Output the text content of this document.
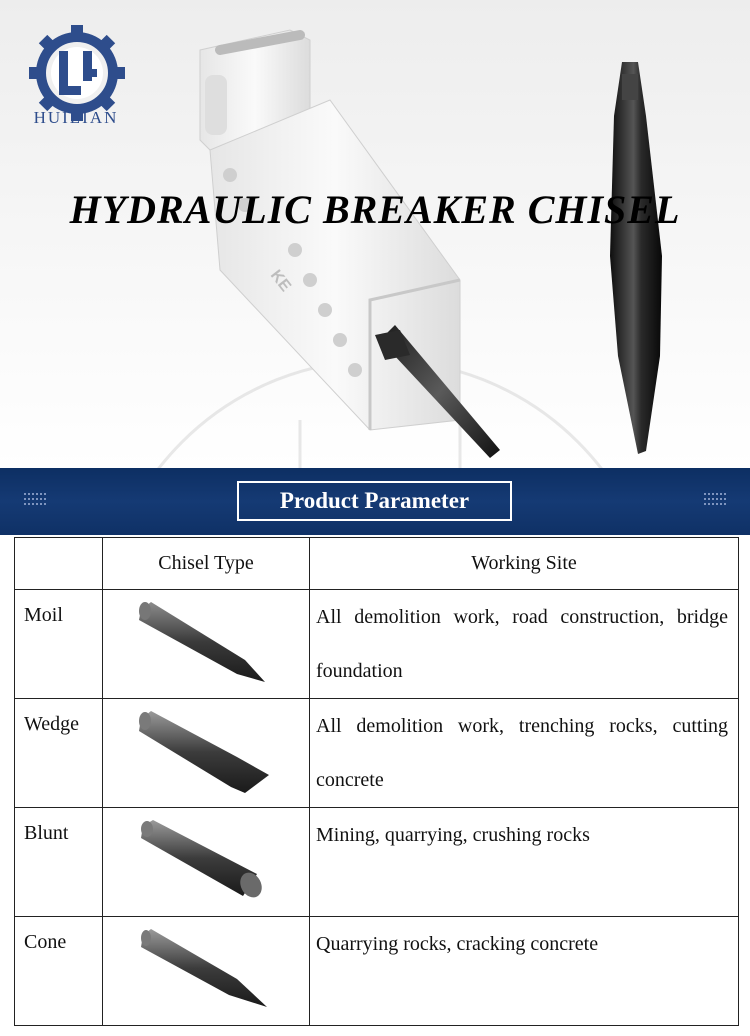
HUILIAN
KE
HYDRAULIC BREAKER CHISEL
Product Parameter
	Chisel Type	Working Site
Moil		All demolition work, road construction, bridge foundation
Wedge		All demolition work, trenching rocks, cutting concrete
Blunt		Mining, quarrying, crushing rocks
Cone		Quarrying rocks, cracking concrete
